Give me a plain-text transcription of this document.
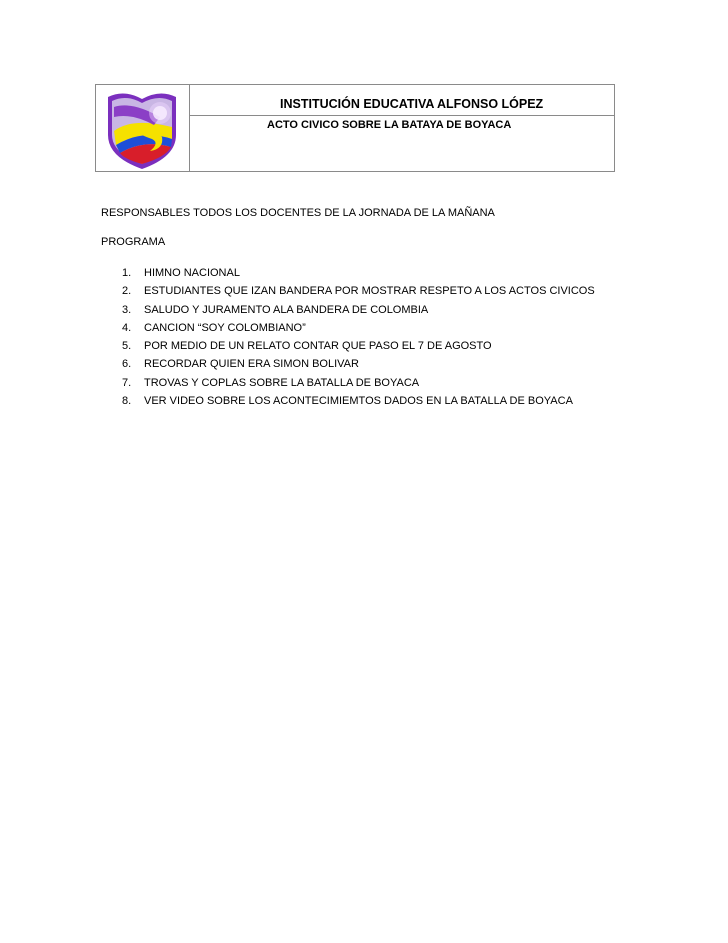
INSTITUCIÓN EDUCATIVA ALFONSO LÓPEZ
ACTO CIVICO SOBRE LA BATAYA DE BOYACA
RESPONSABLES TODOS LOS DOCENTES DE LA JORNADA DE LA MAÑANA
PROGRAMA
1. HIMNO NACIONAL
2. ESTUDIANTES QUE IZAN BANDERA POR MOSTRAR RESPETO A LOS ACTOS CIVICOS
3. SALUDO Y JURAMENTO ALA BANDERA DE COLOMBIA
4. CANCION “SOY COLOMBIANO”
5. POR MEDIO DE UN RELATO CONTAR QUE PASO EL 7 DE AGOSTO
6. RECORDAR QUIEN ERA SIMON BOLIVAR
7. TROVAS Y COPLAS SOBRE LA BATALLA DE BOYACA
8. VER VIDEO SOBRE LOS ACONTECIMIEMTOS DADOS EN LA BATALLA DE BOYACA
